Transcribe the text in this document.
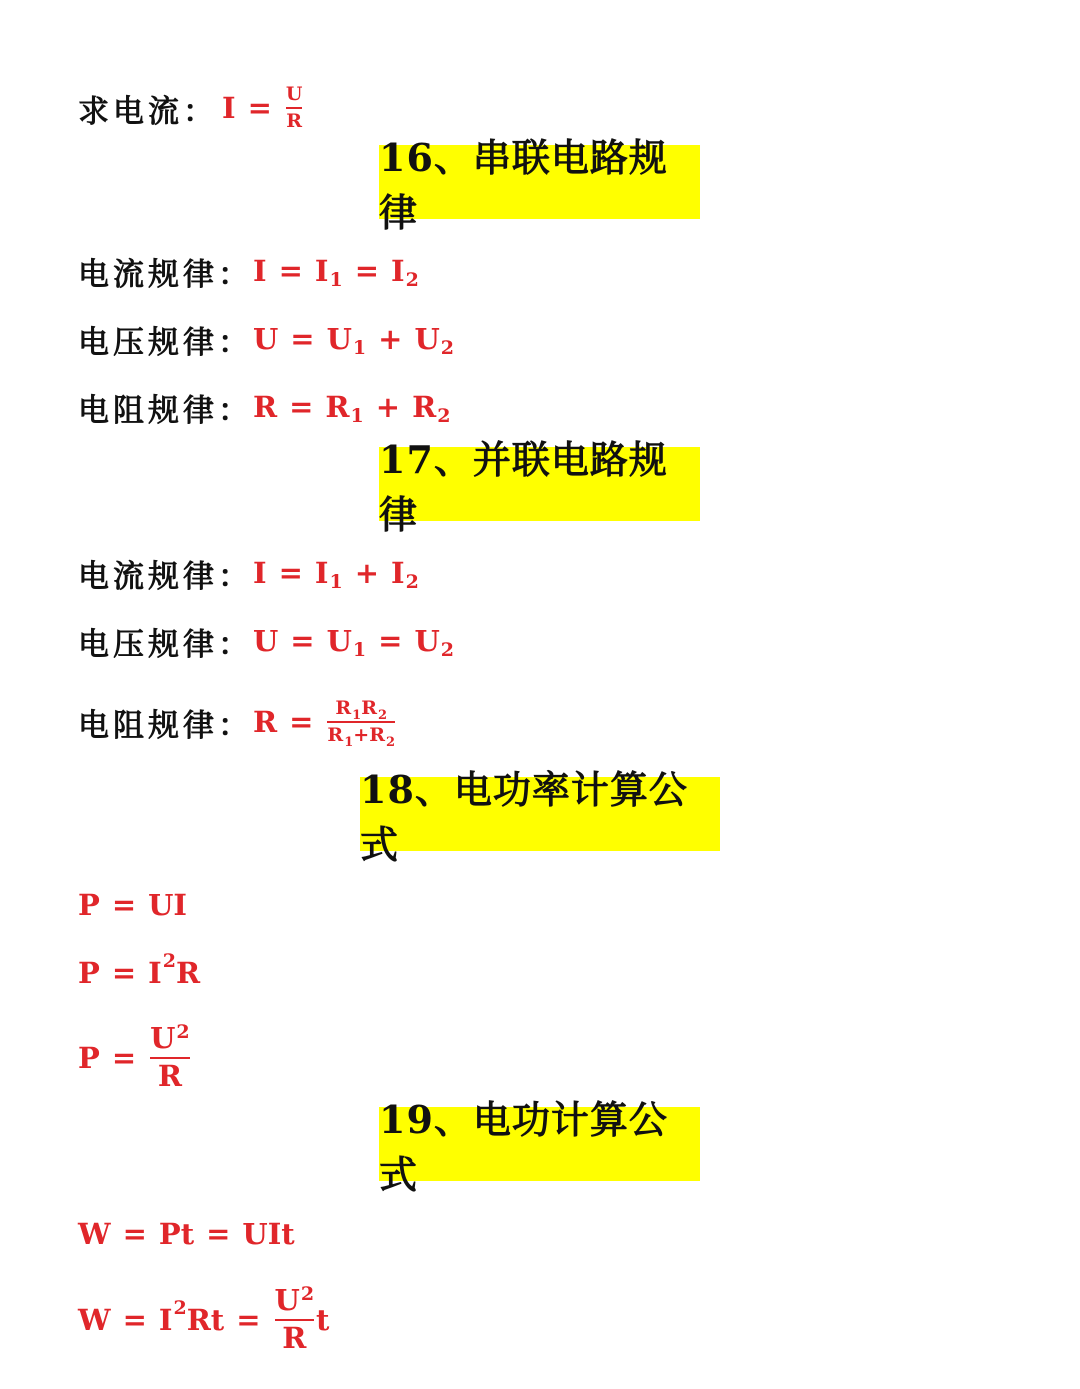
求电流： $I = \frac{U}{R}$
16、串联电路规律
电流规律： I = I 1 = I 2
电压规律： U = U 1 + U 2
电阻规律： R = R 1 + R 2
17、并联电路规律
电流规律： I = I 1 + I 2
电压规律： U = U 1 = U 2
电阻规律： $R = \frac{R_1R_2}{R_1+R_2}$
18、电功率计算公式
P = UI
P = I 2 R
$P = \frac{U^2}{R}$
19、电功计算公式
W = Pt = UIt
W = I 2 $Rt = \frac{U^2}{R}$ t
